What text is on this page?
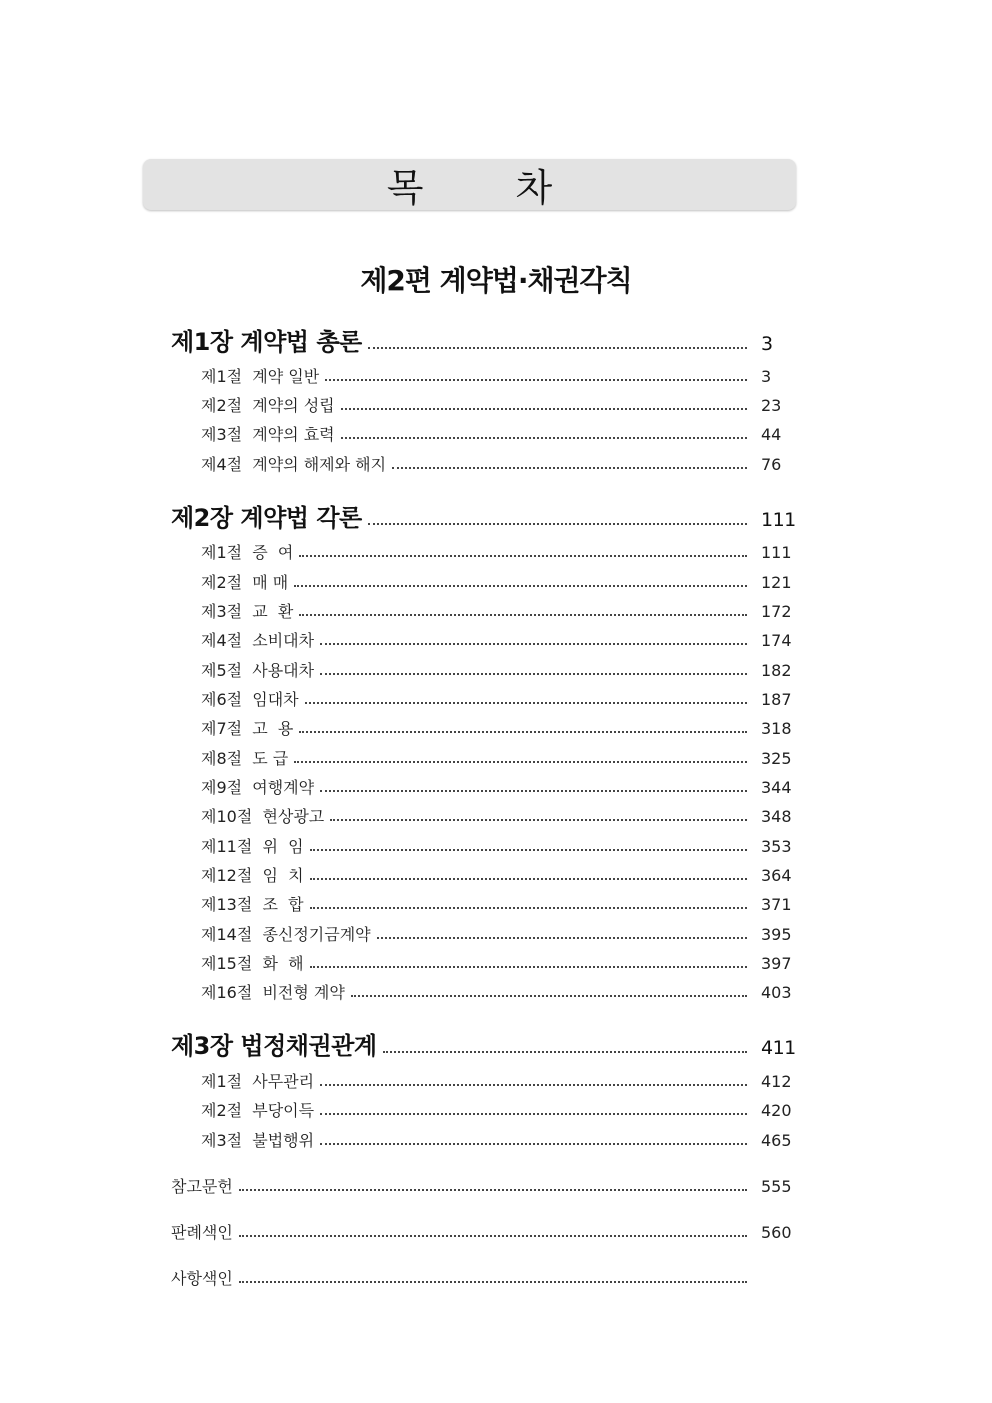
목 차
제2편 계약법·채권각칙
제1장 계약법 총론	3
제1절  계약 일반	3
제2절  계약의 성립	23
제3절  계약의 효력	44
제4절  계약의 해제와 해지	76
제2장 계약법 각론	111
제1절  증  여	111
제2절  매 매	121
제3절  교  환	172
제4절  소비대차	174
제5절  사용대차	182
제6절  임대차	187
제7절  고  용	318
제8절  도 급	325
제9절  여행계약	344
제10절  현상광고	348
제11절  위  임	353
제12절  임  치	364
제13절  조  합	371
제14절  종신정기금계약	395
제15절  화  해	397
제16절  비전형 계약	403
제3장 법정채권관계	411
제1절  사무관리	412
제2절  부당이득	420
제3절  불법행위	465
참고문헌	555
판례색인	560
사항색인
